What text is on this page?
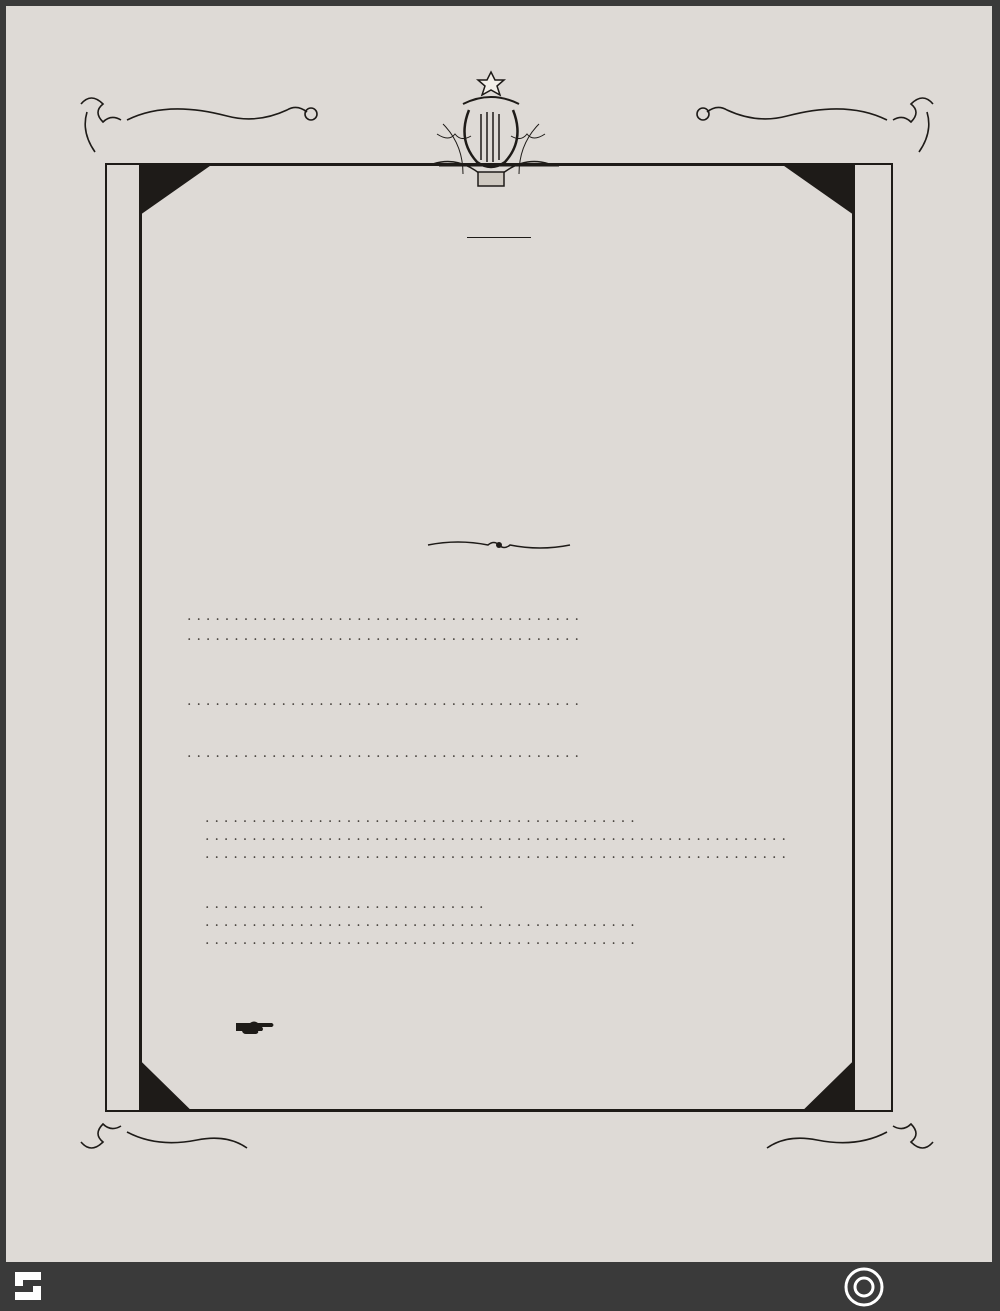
..........................................
..........................................
..........................................
..........................................
..............................................
..............................................................
..............................................................
..............................
..............................................
..............................................
